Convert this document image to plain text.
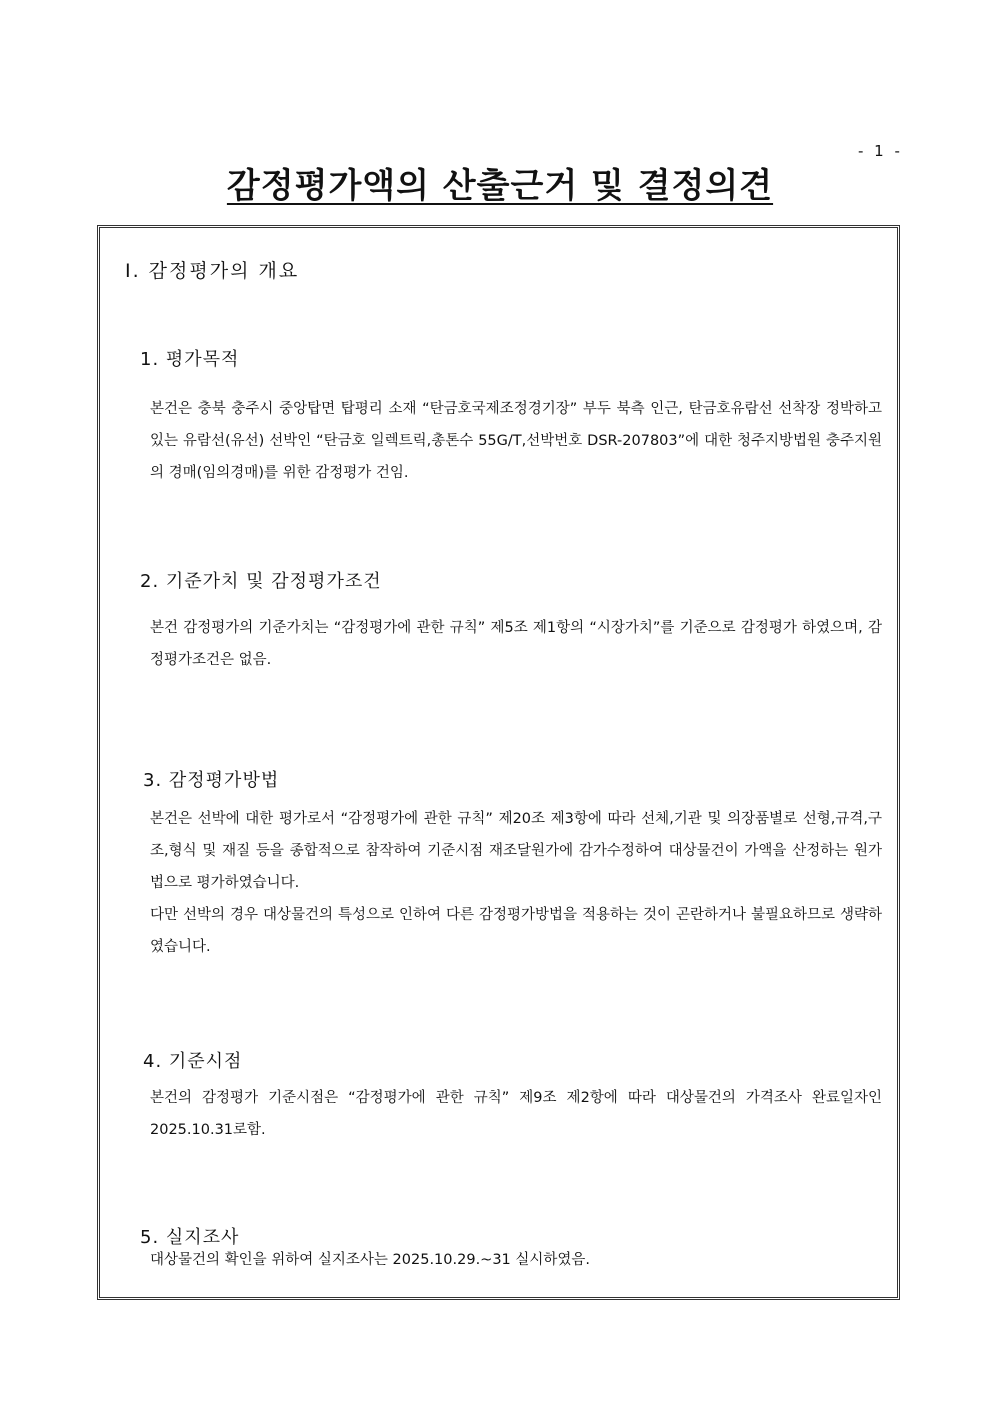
- 1 -
감정평가액의 산출근거 및 결정의견
Ⅰ. 감정평가의 개요
1. 평가목적

본건은 충북 충주시 중앙탑면 탑평리 소재 “탄금호국제조정경기장” 부두 북측 인근, 탄금호유람선 선착장 정박하고 있는 유람선(유선) 선박인 “탄금호 일렉트릭,총톤수 55G/T,선박번호 DSR-207803”에 대한 청주지방법원 충주지원의 경매(임의경매)를 위한 감정평가 건임.

2. 기준가치 및 감정평가조건

본건 감정평가의 기준가치는 “감정평가에 관한 규칙” 제5조 제1항의 “시장가치”를 기준으로 감정평가 하였으며, 감정평가조건은 없음.

3. 감정평가방법

본건은 선박에 대한 평가로서 “감정평가에 관한 규칙” 제20조 제3항에 따라 선체,기관 및 의장품별로 선형,규격,구조,형식 및 재질 등을 종합적으로 참작하여 기준시점 재조달원가에 감가수정하여 대상물건이 가액을 산정하는 원가법으로 평가하였습니다.

다만 선박의 경우 대상물건의 특성으로 인하여 다른 감정평가방법을 적용하는 것이 곤란하거나 불필요하므로 생략하였습니다.

4. 기준시점

본건의 감정평가 기준시점은 “감정평가에 관한 규칙” 제9조 제2항에 따라 대상물건의 가격조사 완료일자인 2025.10.31로함.

5. 실지조사

대상물건의 확인을 위하여 실지조사는 2025.10.29.~31 실시하였음.
